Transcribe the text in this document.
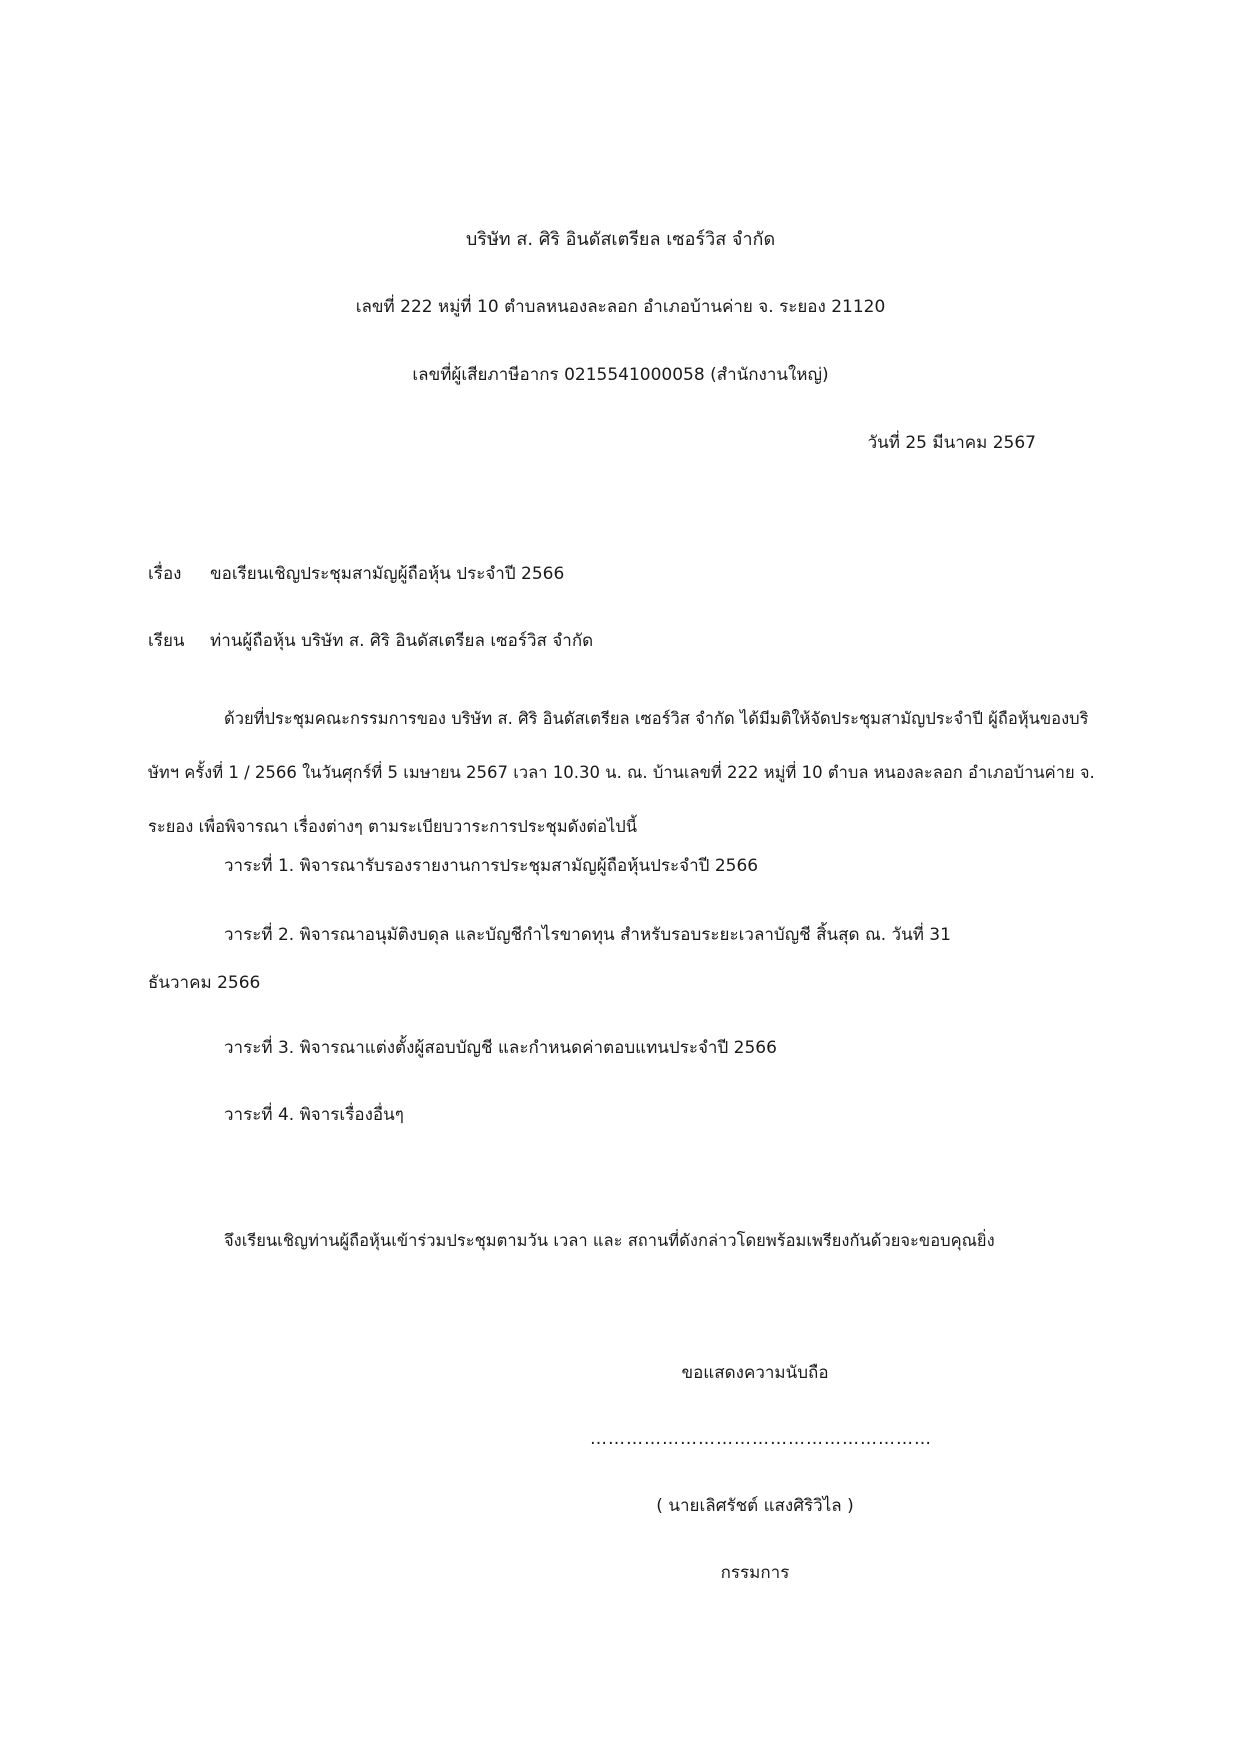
บริษัท ส. ศิริ อินดัสเตรียล เซอร์วิส จำกัด
เลขที่ 222 หมู่ที่ 10 ตำบลหนองละลอก อำเภอบ้านค่าย จ. ระยอง 21120
เลขที่ผู้เสียภาษีอากร 0215541000058 (สำนักงานใหญ่)
วันที่ 25 มีนาคม 2567
เรื่อง ขอเรียนเชิญประชุมสามัญผู้ถือหุ้น ประจำปี 2566
เรียน ท่านผู้ถือหุ้น บริษัท ส. ศิริ อินดัสเตรียล เซอร์วิส จำกัด
ด้วยที่ประชุมคณะกรรมการของ บริษัท ส. ศิริ อินดัสเตรียล เซอร์วิส จำกัด ได้มีมติให้จัดประชุมสามัญประจำปี ผู้ถือหุ้นของบริษัทฯ ครั้งที่ 1 / 2566 ในวันศุกร์ที่ 5 เมษายน 2567 เวลา 10.30 น. ณ. บ้านเลขที่ 222 หมู่ที่ 10 ตำบล หนองละลอก อำเภอบ้านค่าย จ. ระยอง เพื่อพิจารณา เรื่องต่างๆ ตามระเบียบวาระการประชุมดังต่อไปนี้
วาระที่ 1. พิจารณารับรองรายงานการประชุมสามัญผู้ถือหุ้นประจำปี 2566
วาระที่ 2. พิจารณาอนุมัติงบดุล และบัญชีกำไรขาดทุน สำหรับรอบระยะเวลาบัญชี สิ้นสุด ณ. วันที่ 31
ธันวาคม 2566
วาระที่ 3. พิจารณาแต่งตั้งผู้สอบบัญชี และกำหนดค่าตอบแทนประจำปี 2566
วาระที่ 4. พิจารเรื่องอื่นๆ
จึงเรียนเชิญท่านผู้ถือหุ้นเข้าร่วมประชุมตามวัน เวลา และ สถานที่ดังกล่าวโดยพร้อมเพรียงกันด้วยจะขอบคุณยิ่ง
ขอแสดงความนับถือ
…………………………………………………
( นายเลิศรัชต์ แสงศิริวิไล )
กรรมการ
